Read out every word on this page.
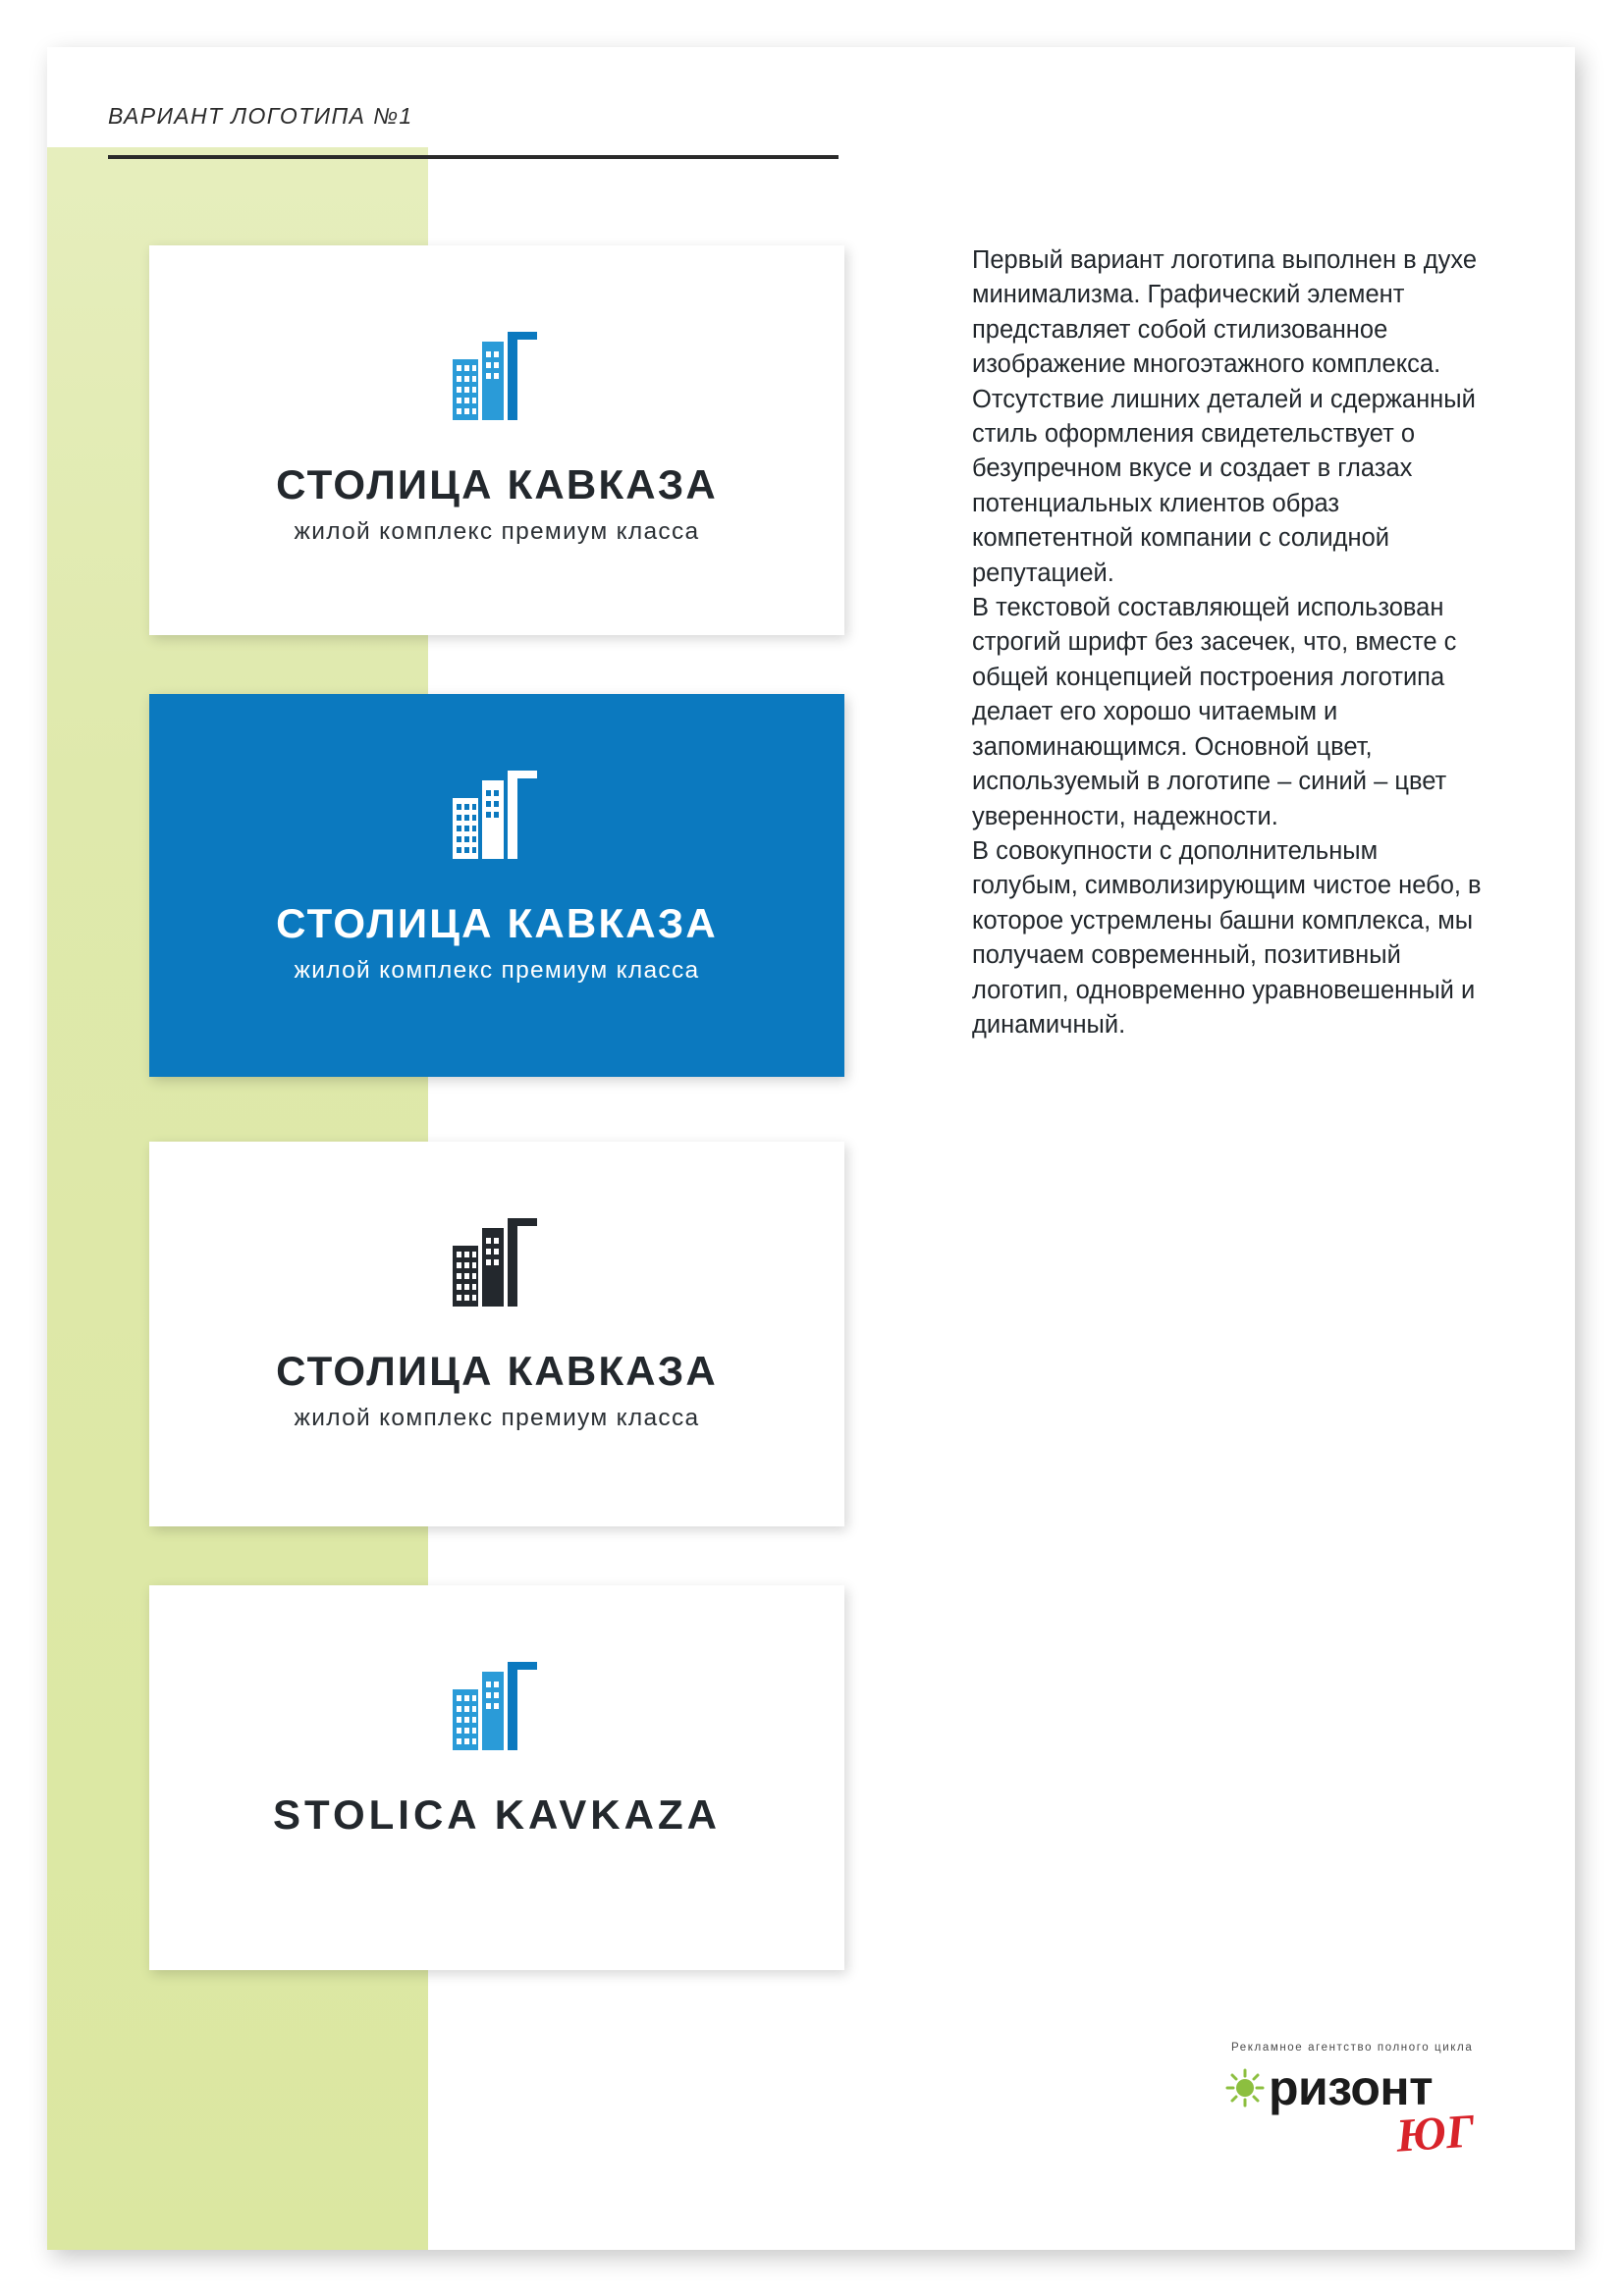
ВАРИАНТ ЛОГОТИПА №1
СТОЛИЦА КАВКАЗА
жилой комплекс премиум класса
СТОЛИЦА КАВКАЗА
жилой комплекс премиум класса
СТОЛИЦА КАВКАЗА
жилой комплекс премиум класса
STOLICA KAVKAZA

Первый вариант логотипа выполнен в духе минимализма. Графический элемент представляет собой стилизованное изображение многоэтажного комплекса. Отсутствие лишних деталей и сдержанный стиль оформления свидетельствует о безупречном вкусе и создает в глазах потенциальных клиентов образ компетентной компании с солидной репутацией.

В текстовой составляющей использован строгий шрифт без засечек, что, вместе с общей концепцией построения логотипа делает его хорошо читаемым и запоминающимся. Основной цвет, используемый в логотипе – синий – цвет уверенности, надежности.

В совокупности с дополнительным голубым, символизирующим чистое небо, в которое устремлены башни комплекса, мы получаем современный, позитивный логотип, одновременно уравновешенный и динамичный.

Рекламное агентство полного цикла
ризонт
ЮГ
